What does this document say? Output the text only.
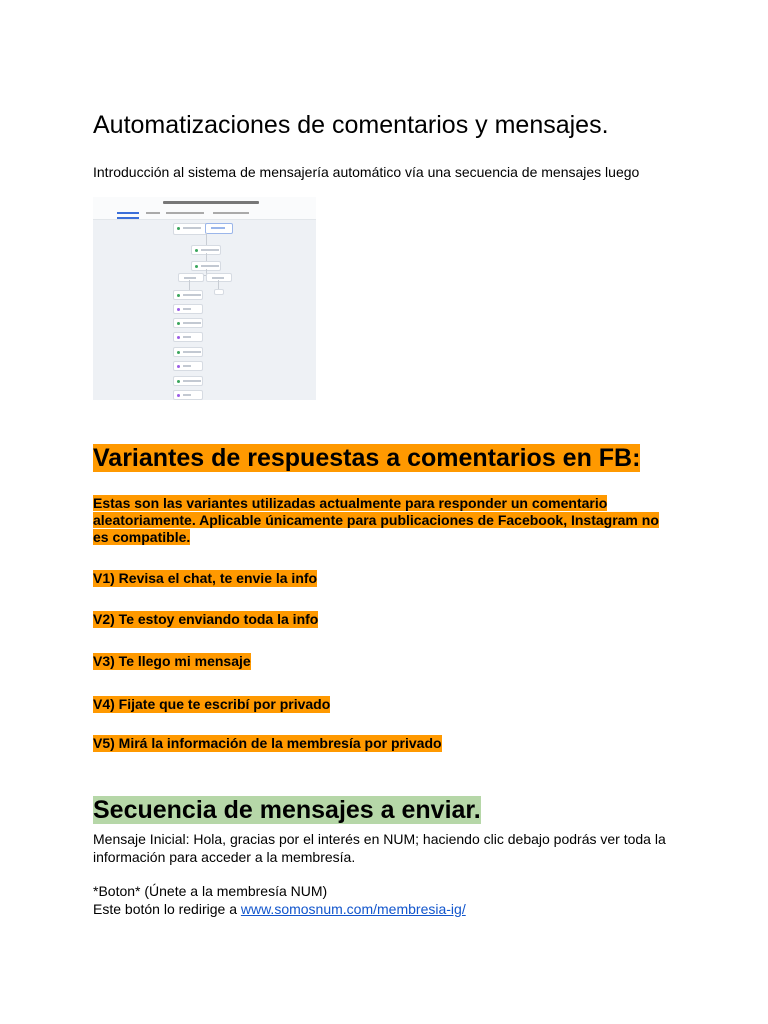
Automatizaciones de comentarios y mensajes.
Introducción al sistema de mensajería automático vía una secuencia de mensajes luego
Variantes de respuestas a comentarios en FB:

Estas son las variantes utilizadas actualmente para responder un comentario aleatoriamente. Aplicable únicamente para publicaciones de Facebook, Instagram no es compatible.

V1) Revisa el chat, te envie la info
V2) Te estoy enviando toda la info
V3) Te llego mi mensaje
V4) Fijate que te escribí por privado
V5) Mirá la información de la membresía por privado
Secuencia de mensajes a enviar.

Mensaje Inicial: Hola, gracias por el interés en NUM; haciendo clic debajo podrás ver toda la información para acceder a la membresía.

*Boton* (Únete a la membresía NUM)

Este botón lo redirige a www.somosnum.com/membresia-ig/
